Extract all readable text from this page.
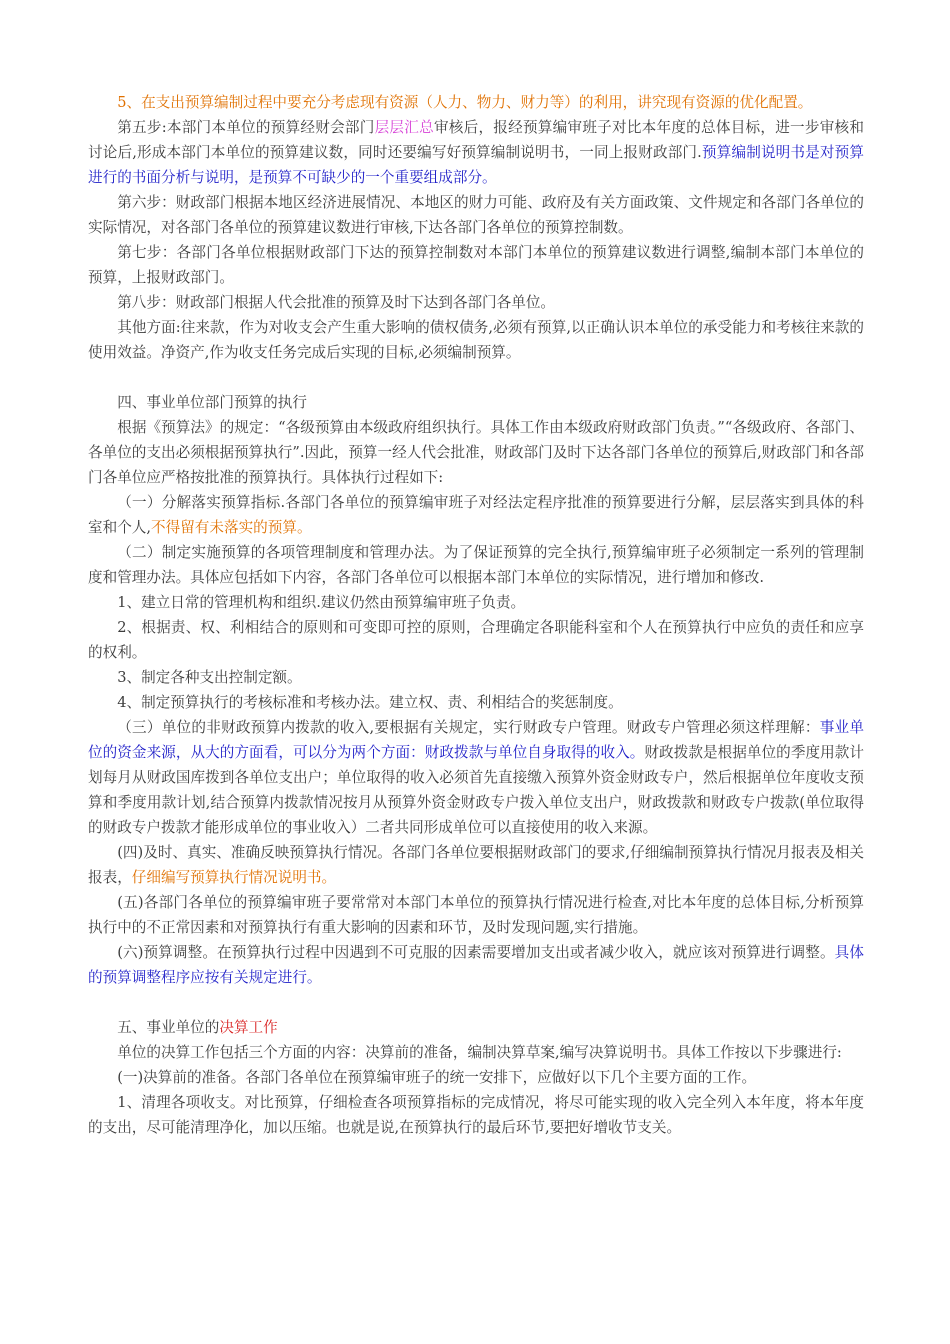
5、在支出预算编制过程中要充分考虑现有资源（人力、物力、财力等）的利用，讲究现有资源的优化配置。

第五步:本部门本单位的预算经财会部门层层汇总审核后，报经预算编审班子对比本年度的总体目标，进一步审核和讨论后,形成本部门本单位的预算建议数，同时还要编写好预算编制说明书，一同上报财政部门.预算编制说明书是对预算进行的书面分析与说明，是预算不可缺少的一个重要组成部分。

第六步：财政部门根据本地区经济进展情况、本地区的财力可能、政府及有关方面政策、文件规定和各部门各单位的实际情况，对各部门各单位的预算建议数进行审核,下达各部门各单位的预算控制数。

第七步：各部门各单位根据财政部门下达的预算控制数对本部门本单位的预算建议数进行调整,编制本部门本单位的预算，上报财政部门。

第八步：财政部门根据人代会批准的预算及时下达到各部门各单位。

其他方面:往来款，作为对收支会产生重大影响的债权债务,必须有预算,以正确认识本单位的承受能力和考核往来款的使用效益。净资产,作为收支任务完成后实现的目标,必须编制预算。

四、事业单位部门预算的执行

根据《预算法》的规定：“各级预算由本级政府组织执行。具体工作由本级政府财政部门负责。”“各级政府、各部门、各单位的支出必须根据预算执行”.因此，预算一经人代会批准，财政部门及时下达各部门各单位的预算后,财政部门和各部门各单位应严格按批准的预算执行。具体执行过程如下:

（一）分解落实预算指标.各部门各单位的预算编审班子对经法定程序批准的预算要进行分解，层层落实到具体的科室和个人,不得留有未落实的预算。

（二）制定实施预算的各项管理制度和管理办法。为了保证预算的完全执行,预算编审班子必须制定一系列的管理制度和管理办法。具体应包括如下内容，各部门各单位可以根据本部门本单位的实际情况，进行增加和修改.

1、建立日常的管理机构和组织.建议仍然由预算编审班子负责。

2、根据责、权、利相结合的原则和可变即可控的原则，合理确定各职能科室和个人在预算执行中应负的责任和应享的权利。

3、制定各种支出控制定额。

4、制定预算执行的考核标准和考核办法。建立权、责、利相结合的奖惩制度。

（三）单位的非财政预算内拨款的收入,要根据有关规定，实行财政专户管理。财政专户管理必须这样理解：事业单位的资金来源，从大的方面看，可以分为两个方面：财政拨款与单位自身取得的收入。财政拨款是根据单位的季度用款计划每月从财政国库拨到各单位支出户；单位取得的收入必须首先直接缴入预算外资金财政专户，然后根据单位年度收支预算和季度用款计划,结合预算内拨款情况按月从预算外资金财政专户拨入单位支出户，财政拨款和财政专户拨款(单位取得的财政专户拨款才能形成单位的事业收入）二者共同形成单位可以直接使用的收入来源。

(四)及时、真实、准确反映预算执行情况。各部门各单位要根据财政部门的要求,仔细编制预算执行情况月报表及相关报表，仔细编写预算执行情况说明书。

(五)各部门各单位的预算编审班子要常常对本部门本单位的预算执行情况进行检查,对比本年度的总体目标,分析预算执行中的不正常因素和对预算执行有重大影响的因素和环节，及时发现问题,实行措施。

(六)预算调整。在预算执行过程中因遇到不可克服的因素需要增加支出或者减少收入，就应该对预算进行调整。具体的预算调整程序应按有关规定进行。

五、事业单位的决算工作

单位的决算工作包括三个方面的内容：决算前的准备，编制决算草案,编写决算说明书。具体工作按以下步骤进行:

(一)决算前的准备。各部门各单位在预算编审班子的统一安排下，应做好以下几个主要方面的工作。

1、清理各项收支。对比预算，仔细检查各项预算指标的完成情况，将尽可能实现的收入完全列入本年度，将本年度的支出，尽可能清理净化，加以压缩。也就是说,在预算执行的最后环节,要把好增收节支关。
